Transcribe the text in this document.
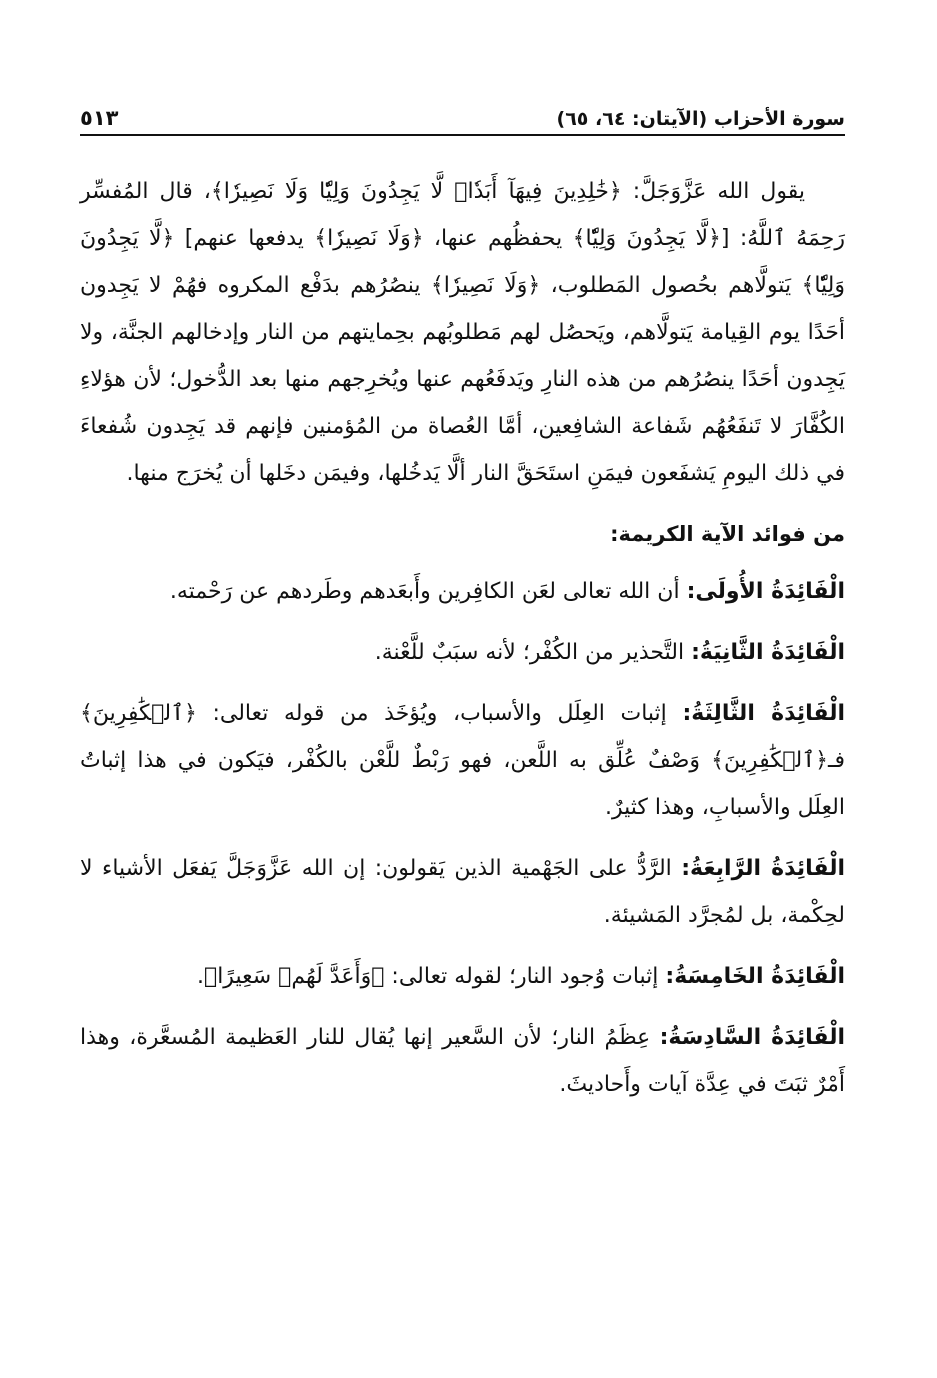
سورة الأحزاب (الآيتان: ٦٤، ٦٥)
٥١٣

يقول الله عَزَّوَجَلَّ: ﴿خَٰلِدِينَ فِيهَآ أَبَدٗاۖ لَّا يَجِدُونَ وَلِيّٗا وَلَا نَصِيرٗا﴾، قال المُفسِّر رَحِمَهُ ٱللَّهُ: [﴿لَّا يَجِدُونَ وَلِيّٗا﴾ يحفظُهم عنها، ﴿وَلَا نَصِيرٗا﴾ يدفعها عنهم] ﴿لَّا يَجِدُونَ وَلِيّٗا﴾ يَتولَّاهم بحُصول المَطلوب، ﴿وَلَا نَصِيرٗا﴾ ينصُرُهم بدَفْع المكروه فهُمْ لا يَجِدون أحَدًا يوم القِيامة يَتولَّاهم، ويَحصُل لهم مَطلوبُهم بحِمايتهم من النار وإدخالهم الجنَّة، ولا يَجِدون أحَدًا ينصُرُهم من هذه النارِ ويَدفَعُهم عنها ويُخرِجهم منها بعد الدُّخول؛ لأن هؤلاءِ الكُفَّارَ لا تَنفَعُهُم شَفاعة الشافِعين، أمَّا العُصاة من المُؤمنين فإنهم قد يَجِدون شُفعاءَ في ذلك اليومِ يَشفَعون فيمَنِ استَحَقَّ النار ألَّا يَدخُلها، وفيمَن دخَلها أن يُخرَج منها.

من فوائد الآية الكريمة:

الْفَائِدَةُ الأُولَى: أن الله تعالى لعَن الكافِرين وأَبعَدهم وطَردهم عن رَحْمته.

الْفَائِدَةُ الثَّانِيَةُ: التَّحذير من الكُفْر؛ لأنه سبَبٌ للَّعْنة.

الْفَائِدَةُ الثَّالِثَةُ: إثبات العِلَل والأسباب، ويُؤخَذ من قوله تعالى: ﴿ٱلۡكَٰفِرِينَ﴾ فـ﴿ٱلۡكَٰفِرِينَ﴾ وَصْفٌ عُلِّق به اللَّعن، فهو رَبْطٌ للَّعْن بالكُفْر، فيَكون في هذا إثباتُ العِلَل والأسبابِ، وهذا كثيرٌ.

الْفَائِدَةُ الرَّابِعَةُ: الرَّدُّ على الجَهْمية الذين يَقولون: إن الله عَزَّوَجَلَّ يَفعَل الأشياء لا لحِكْمة، بل لمُجرَّد المَشيئة.

الْفَائِدَةُ الخَامِسَةُ: إثبات وُجود النار؛ لقوله تعالى: ﴿وَأَعَدَّ لَهُمۡ سَعِيرًا﴾.

الْفَائِدَةُ السَّادِسَةُ: عِظَمُ النار؛ لأن السَّعير إنها يُقال للنار العَظيمة المُسعَّرة، وهذا أَمْرٌ ثبَتَ في عِدَّة آيات وأَحاديثَ.
